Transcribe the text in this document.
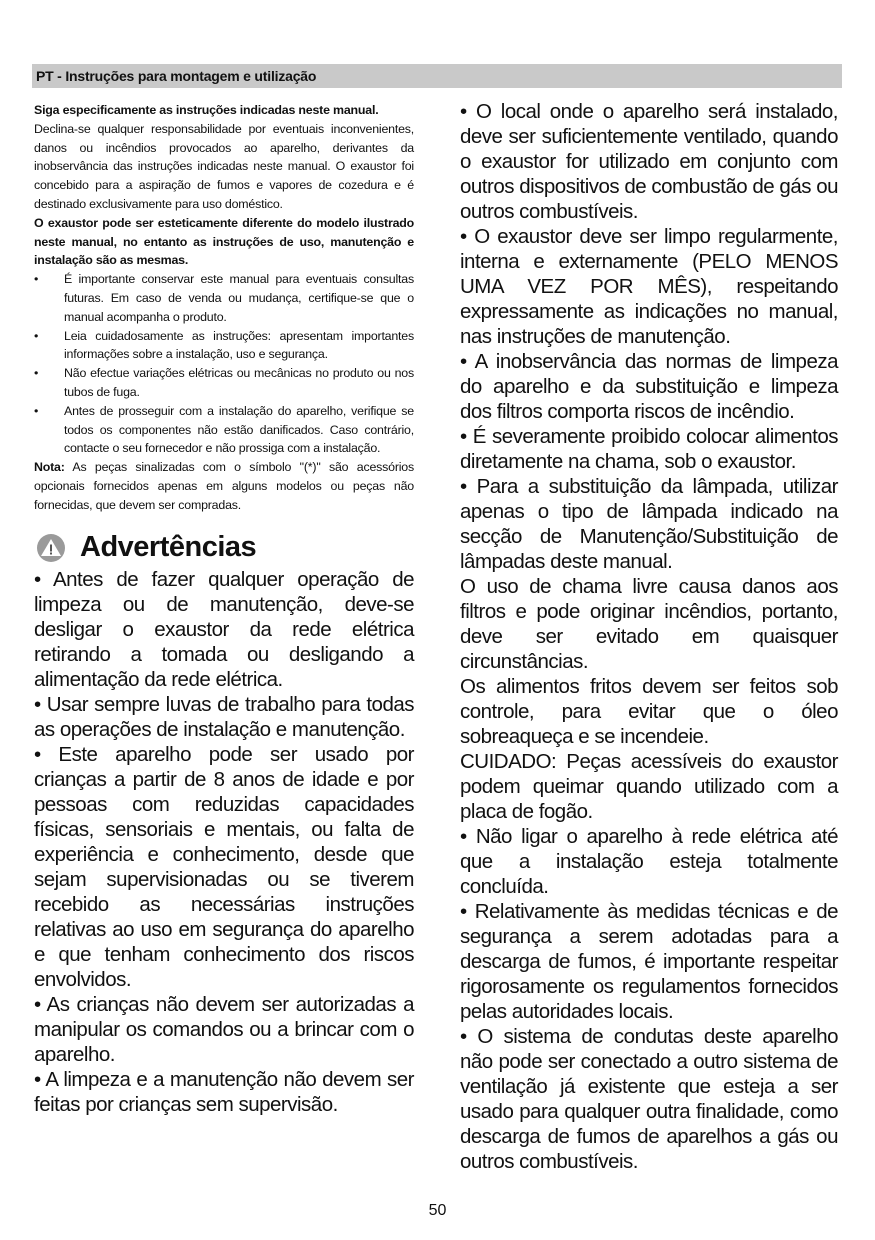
PT - Instruções para montagem e utilização

Siga especificamente as instruções indicadas neste manual.

Declina-se qualquer responsabilidade por eventuais inconvenientes, danos ou incêndios provocados ao aparelho, derivantes da inobservância das instruções indicadas neste manual. O exaustor foi concebido para a aspiração de fumos e vapores de cozedura e é destinado exclusivamente para uso doméstico.

O exaustor pode ser esteticamente diferente do modelo ilustrado neste manual, no entanto as instruções de uso, manutenção e instalação são as mesmas.

• É importante conservar este manual para eventuais consultas futuras. Em caso de venda ou mudança, certifique-se que o manual acompanha o produto.
• Leia cuidadosamente as instruções: apresentam importantes informações sobre a instalação, uso e segurança.
• Não efectue variações elétricas ou mecânicas no produto ou nos tubos de fuga.
• Antes de prosseguir com a instalação do aparelho, verifique se todos os componentes não estão danificados. Caso contrário, contacte o seu fornecedor e não prossiga com a instalação.

Nota: As peças sinalizadas com o símbolo "(*)" são acessórios opcionais fornecidos apenas em alguns modelos ou peças não fornecidas, que devem ser compradas.

Advertências

• Antes de fazer qualquer operação de limpeza ou de manutenção, deve-se desligar o exaustor da rede elétrica retirando a tomada ou desligando a alimentação da rede elétrica.

• Usar sempre luvas de trabalho para todas as operações de instalação e manutenção.

• Este aparelho pode ser usado por crianças a partir de 8 anos de idade e por pessoas com reduzidas capacidades físicas, sensoriais e mentais, ou falta de experiência e conhecimento, desde que sejam supervisionadas ou se tiverem recebido as necessárias instruções relativas ao uso em segurança do aparelho e que tenham conhecimento dos riscos envolvidos.

• As crianças não devem ser autorizadas a manipular os comandos ou a brincar com o aparelho.

• A limpeza e a manutenção não devem ser feitas por crianças sem supervisão.

• O local onde o aparelho será instalado, deve ser suficientemente ventilado, quando o exaustor for utilizado em conjunto com outros dispositivos de combustão de gás ou outros combustíveis.

• O exaustor deve ser limpo regularmente, interna e externamente (PELO MENOS UMA VEZ POR MÊS), respeitando expressamente as indicações no manual, nas instruções de manutenção.

• A inobservância das normas de limpeza do aparelho e da substituição e limpeza dos filtros comporta riscos de incêndio.

• É severamente proibido colocar alimentos diretamente na chama, sob o exaustor.

• Para a substituição da lâmpada, utilizar apenas o tipo de lâmpada indicado na secção de Manutenção/Substituição de lâmpadas deste manual.

O uso de chama livre causa danos aos filtros e pode originar incêndios, portanto, deve ser evitado em quaisquer circunstâncias.

Os alimentos fritos devem ser feitos sob controle, para evitar que o óleo sobreaqueça e se incendeie.

CUIDADO: Peças acessíveis do exaustor podem queimar quando utilizado com a placa de fogão.

• Não ligar o aparelho à rede elétrica até que a instalação esteja totalmente concluída.

• Relativamente às medidas técnicas e de segurança a serem adotadas para a descarga de fumos, é importante respeitar rigorosamente os regulamentos fornecidos pelas autoridades locais.

• O sistema de condutas deste aparelho não pode ser conectado a outro sistema de ventilação já existente que esteja a ser usado para qualquer outra finalidade, como descarga de fumos de aparelhos a gás ou outros combustíveis.

50
